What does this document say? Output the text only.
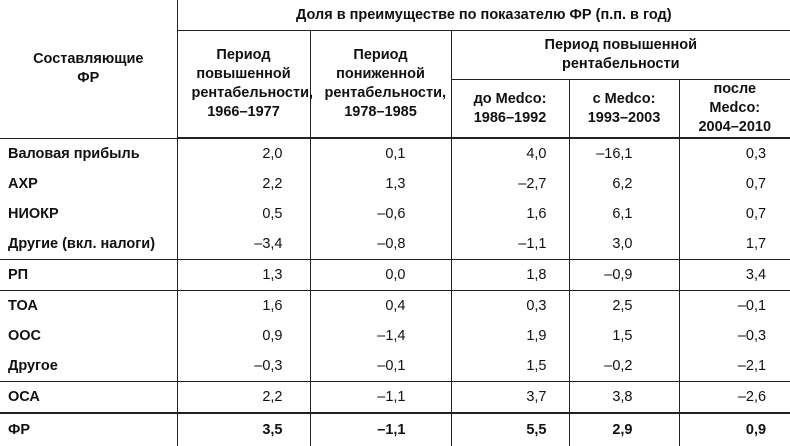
Составляющие ФР	Доля в преимуществе по показателю ФР (п.п. в год)				
	Период повышенной рентабельности, 1966–1977	Период пониженной рентабельности, 1978–1985	Период повышенной рентабельности		
			до Medco: 1986–1992	с Medco: 1993–2003	после Medco: 2004–2010
Валовая прибыль	2,0	0,1	4,0	–16,1	0,3
АХР	2,2	1,3	–2,7	6,2	0,7
НИОКР	0,5	–0,6	1,6	6,1	0,7
Другие (вкл. налоги)	–3,4	–0,8	–1,1	3,0	1,7
РП	1,3	0,0	1,8	–0,9	3,4
ТОА	1,6	0,4	0,3	2,5	–0,1
ООС	0,9	–1,4	1,9	1,5	–0,3
Другое	–0,3	–0,1	1,5	–0,2	–2,1
ОСА	2,2	–1,1	3,7	3,8	–2,6
ФР	3,5	–1,1	5,5	2,9	0,9
